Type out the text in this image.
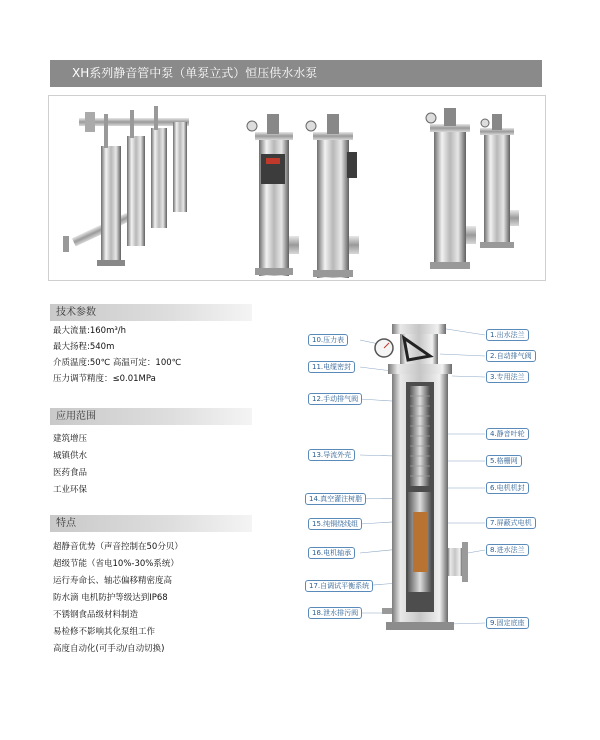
XH系列静音管中泵（单泵立式）恒压供水水泵
技术参数
最大流量:160m³/h
最大扬程:540m
介质温度:50℃ 高温可定：100℃
压力调节精度：≤0.01MPa
应用范围
建筑增压
城镇供水
医药食品
工业环保
特点
超静音优势（声音控制在50分贝）
超级节能（省电10%-30%系统）
运行寿命长、轴芯偏移精密度高
防水滴 电机防护等级达到IP68
不锈钢食品级材料制造
易检修不影响其化泵组工作
高度自动化(可手动/自动切换)
10.压力表
11.电缆密封
12.手动排气阀
13.导流外壳
14.真空灌注树脂
15.纯铜绕线组
16.电机轴承
17.自调试平衡系统
18.泄水排污阀
1.出水法兰
2.自动排气阀
3.专用法兰
4.静音叶轮
5.格栅网
6.电机机封
7.屏蔽式电机
8.进水法兰
9.固定底座
